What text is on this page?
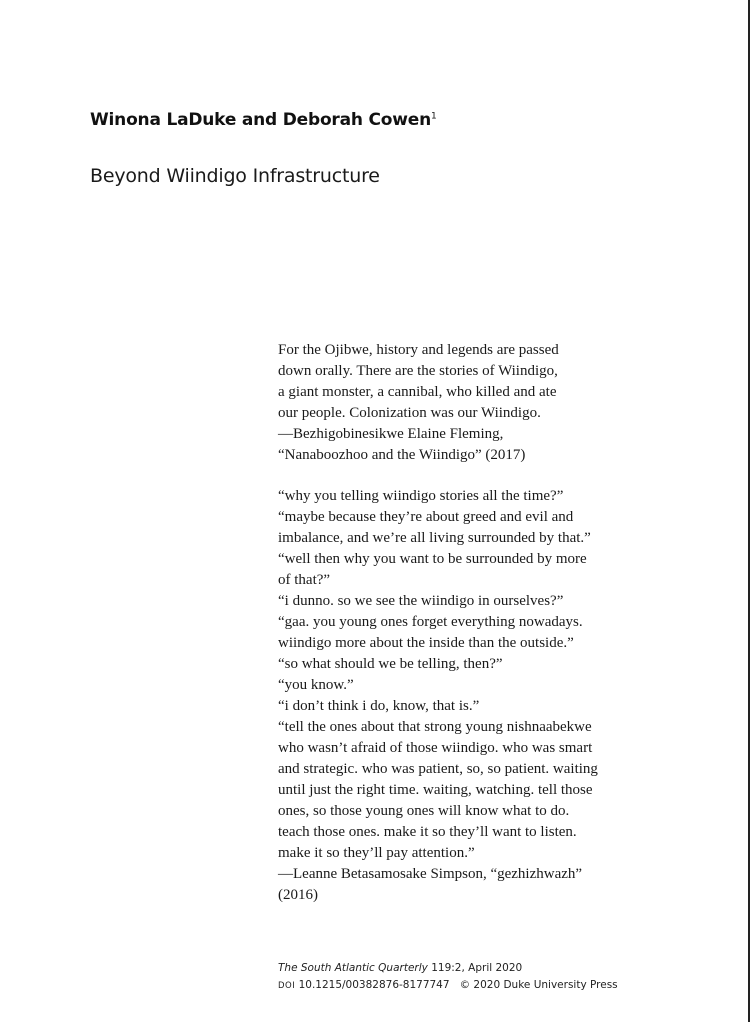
Winona LaDuke and Deborah Cowen$^1$
Beyond Wiindigo Infrastructure
For the Ojibwe, history and legends are passed
down orally. There are the stories of Wiindigo,
a giant monster, a cannibal, who killed and ate
our people. Colonization was our Wiindigo.
—Bezhigobinesikwe Elaine Fleming,
“Nanaboozhoo and the Wiindigo” (2017)
“why you telling wiindigo stories all the time?”
“maybe because they’re about greed and evil and
imbalance, and we’re all living surrounded by that.”
“well then why you want to be surrounded by more
of that?”
“i dunno. so we see the wiindigo in ourselves?”
“gaa. you young ones forget everything nowadays.
wiindigo more about the inside than the outside.”
“so what should we be telling, then?”
“you know.”
“i don’t think i do, know, that is.”
“tell the ones about that strong young nishnaabekwe
who wasn’t afraid of those wiindigo. who was smart
and strategic. who was patient, so, so patient. waiting
until just the right time. waiting, watching. tell those
ones, so those young ones will know what to do.
teach those ones. make it so they’ll want to listen.
make it so they’ll pay attention.”
—Leanne Betasamosake Simpson, “gezhizhwazh”
(2016)
The South Atlantic Quarterly 119:2, April 2020
DOI 10.1215/00382876-8177747 © 2020 Duke University Press
